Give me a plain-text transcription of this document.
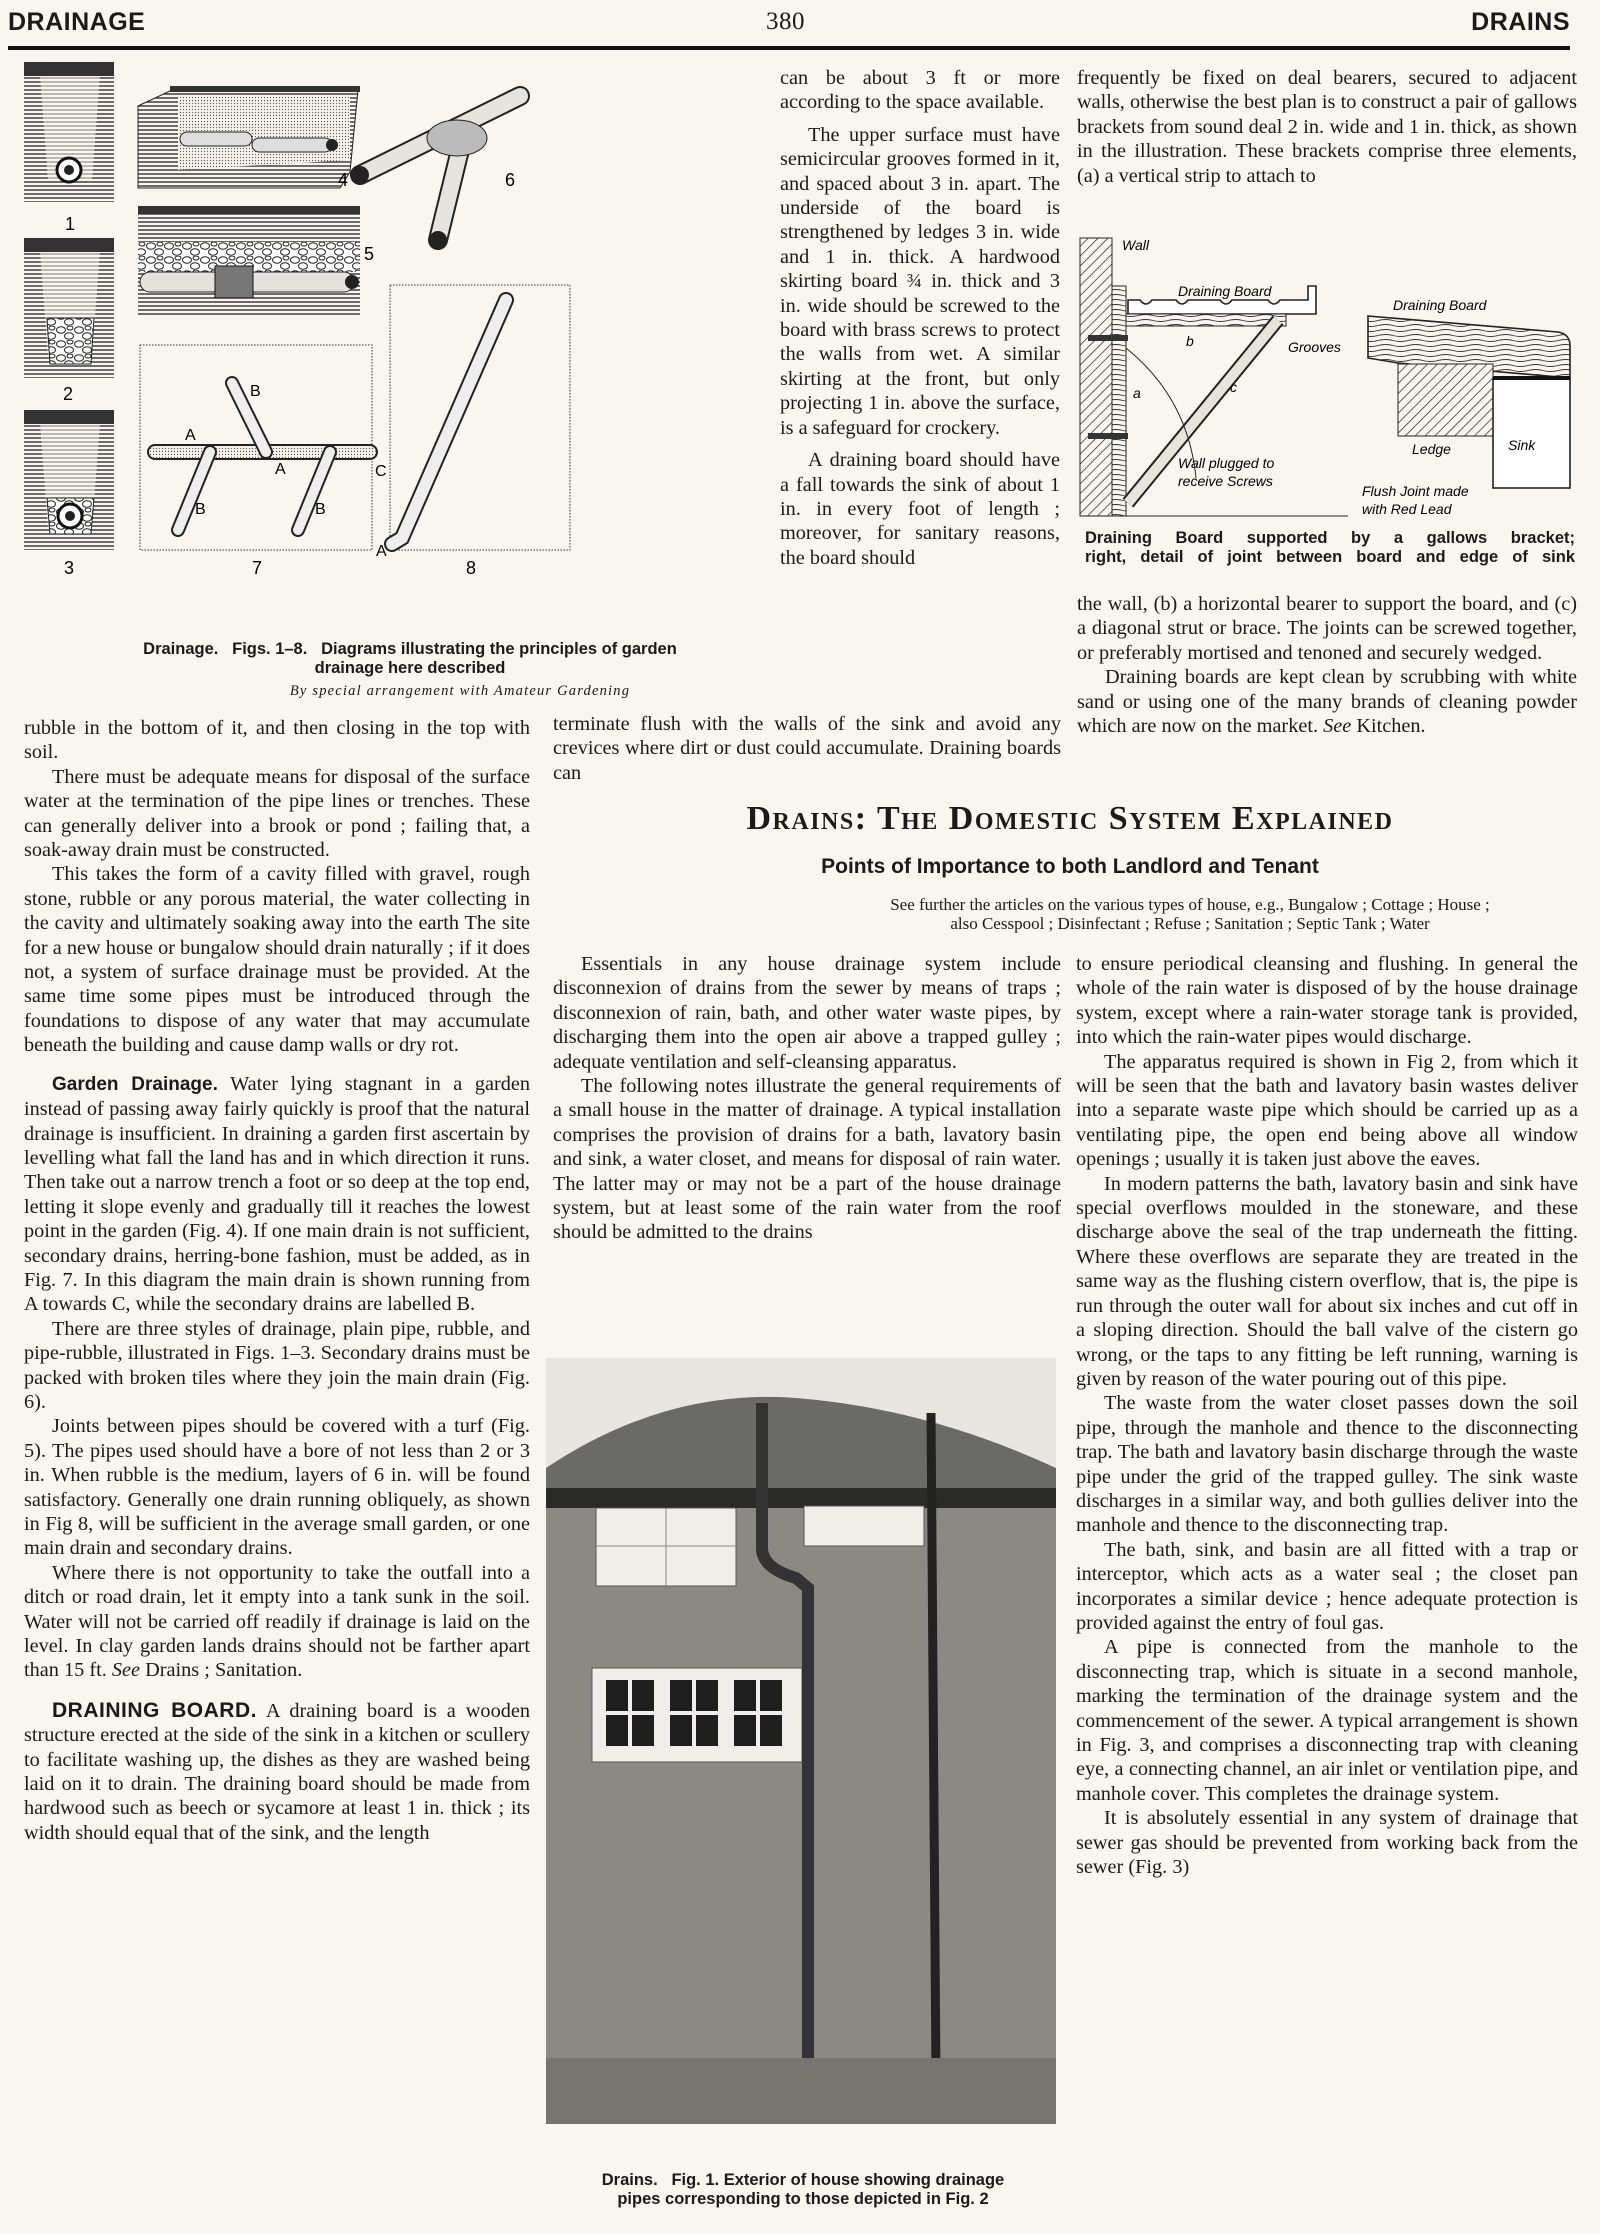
DRAINAGE	380	DRAINS
1
2
3
4
5
6
A
A
B
B	B
C
7
A
8
Drainage.   Figs. 1–8.   Diagrams illustrating the principles of garden
drainage here described
By special arrangement with Amateur Gardening

can be about 3 ft or more according to the space available.

The upper surface must have semicircular grooves formed in it, and spaced about 3 in. apart. The underside of the board is strengthened by ledges 3 in. wide and 1 in. thick. A hardwood skirting board ¾ in. thick and 3 in. wide should be screwed to the board with brass screws to protect the walls from wet. A similar skirting at the front, but only projecting 1 in. above the surface, is a safeguard for crockery.

A draining board should have a fall towards the sink of about 1 in. in every foot of length ; moreover, for sanitary reasons, the board should

terminate flush with the walls of the sink and avoid any crevices where dirt or dust could accumulate. Draining boards can

frequently be fixed on deal bearers, secured to adjacent walls, otherwise the best plan is to construct a pair of gallows brackets from sound deal 2 in. wide and 1 in. thick, as shown in the illustration. These brackets comprise three elements, (a) a vertical strip to attach to

Wall
Draining Board
Grooves
a
b
c
Wall plugged to
receive Screws
Draining Board
Ledge	Sink
Flush Joint made
with Red Lead
Draining Board supported by a gallows bracket;
right, detail of joint between board and edge of sink

the wall, (b) a horizontal bearer to support the board, and (c) a diagonal strut or brace. The joints can be screwed together, or preferably mortised and tenoned and securely wedged.

Draining boards are kept clean by scrubbing with white sand or using one of the many brands of cleaning powder which are now on the market. See Kitchen.

rubble in the bottom of it, and then closing in the top with soil.

There must be adequate means for disposal of the surface water at the termination of the pipe lines or trenches. These can generally deliver into a brook or pond ; failing that, a soak-away drain must be constructed.

This takes the form of a cavity filled with gravel, rough stone, rubble or any porous material, the water collecting in the cavity and ultimately soaking away into the earth The site for a new house or bungalow should drain naturally ; if it does not, a system of surface drainage must be provided. At the same time some pipes must be introduced through the foundations to dispose of any water that may accumulate beneath the building and cause damp walls or dry rot.

Garden Drainage. Water lying stagnant in a garden instead of passing away fairly quickly is proof that the natural drainage is insufficient. In draining a garden first ascertain by levelling what fall the land has and in which direction it runs. Then take out a narrow trench a foot or so deep at the top end, letting it slope evenly and gradually till it reaches the lowest point in the garden (Fig. 4). If one main drain is not sufficient, secondary drains, herring-bone fashion, must be added, as in Fig. 7. In this diagram the main drain is shown running from A towards C, while the secondary drains are labelled B.

There are three styles of drainage, plain pipe, rubble, and pipe-rubble, illustrated in Figs. 1–3. Secondary drains must be packed with broken tiles where they join the main drain (Fig. 6).

Joints between pipes should be covered with a turf (Fig. 5). The pipes used should have a bore of not less than 2 or 3 in. When rubble is the medium, layers of 6 in. will be found satisfactory. Generally one drain running obliquely, as shown in Fig 8, will be sufficient in the average small garden, or one main drain and secondary drains.

Where there is not opportunity to take the outfall into a ditch or road drain, let it empty into a tank sunk in the soil. Water will not be carried off readily if drainage is laid on the level. In clay garden lands drains should not be farther apart than 15 ft. See Drains ; Sanitation.

DRAINING BOARD. A draining board is a wooden structure erected at the side of the sink in a kitchen or scullery to facilitate washing up, the dishes as they are washed being laid on it to drain. The draining board should be made from hardwood such as beech or sycamore at least 1 in. thick ; its width should equal that of the sink, and the length

Drains: The Domestic System Explained
Points of Importance to both Landlord and Tenant
See further the articles on the various types of house, e.g., Bungalow ; Cottage ; House ; also Cesspool ; Disinfectant ; Refuse ; Sanitation ; Septic Tank ; Water

Essentials in any house drainage system include disconnexion of drains from the sewer by means of traps ; disconnexion of rain, bath, and other water waste pipes, by discharging them into the open air above a trapped gulley ; adequate ventilation and self-cleansing apparatus.

The following notes illustrate the general requirements of a small house in the matter of drainage. A typical installation comprises the provision of drains for a bath, lavatory basin and sink, a water closet, and means for disposal of rain water. The latter may or may not be a part of the house drainage system, but at least some of the rain water from the roof should be admitted to the drains

Drains.   Fig. 1. Exterior of house showing drainage
pipes corresponding to those depicted in Fig. 2

to ensure periodical cleansing and flushing. In general the whole of the rain water is disposed of by the house drainage system, except where a rain-water storage tank is provided, into which the rain-water pipes would discharge.

The apparatus required is shown in Fig 2, from which it will be seen that the bath and lavatory basin wastes deliver into a separate waste pipe which should be carried up as a ventilating pipe, the open end being above all window openings ; usually it is taken just above the eaves.

In modern patterns the bath, lavatory basin and sink have special overflows moulded in the stoneware, and these discharge above the seal of the trap underneath the fitting. Where these overflows are separate they are treated in the same way as the flushing cistern overflow, that is, the pipe is run through the outer wall for about six inches and cut off in a sloping direction. Should the ball valve of the cistern go wrong, or the taps to any fitting be left running, warning is given by reason of the water pouring out of this pipe.

The waste from the water closet passes down the soil pipe, through the manhole and thence to the disconnecting trap. The bath and lavatory basin discharge through the waste pipe under the grid of the trapped gulley. The sink waste discharges in a similar way, and both gullies deliver into the manhole and thence to the disconnecting trap.

The bath, sink, and basin are all fitted with a trap or interceptor, which acts as a water seal ; the closet pan incorporates a similar device ; hence adequate protection is provided against the entry of foul gas.

A pipe is connected from the manhole to the disconnecting trap, which is situate in a second manhole, marking the termination of the drainage system and the commencement of the sewer. A typical arrangement is shown in Fig. 3, and comprises a disconnecting trap with cleaning eye, a connecting channel, an air inlet or ventilation pipe, and manhole cover. This completes the drainage system.

It is absolutely essential in any system of drainage that sewer gas should be prevented from working back from the sewer (Fig. 3)
